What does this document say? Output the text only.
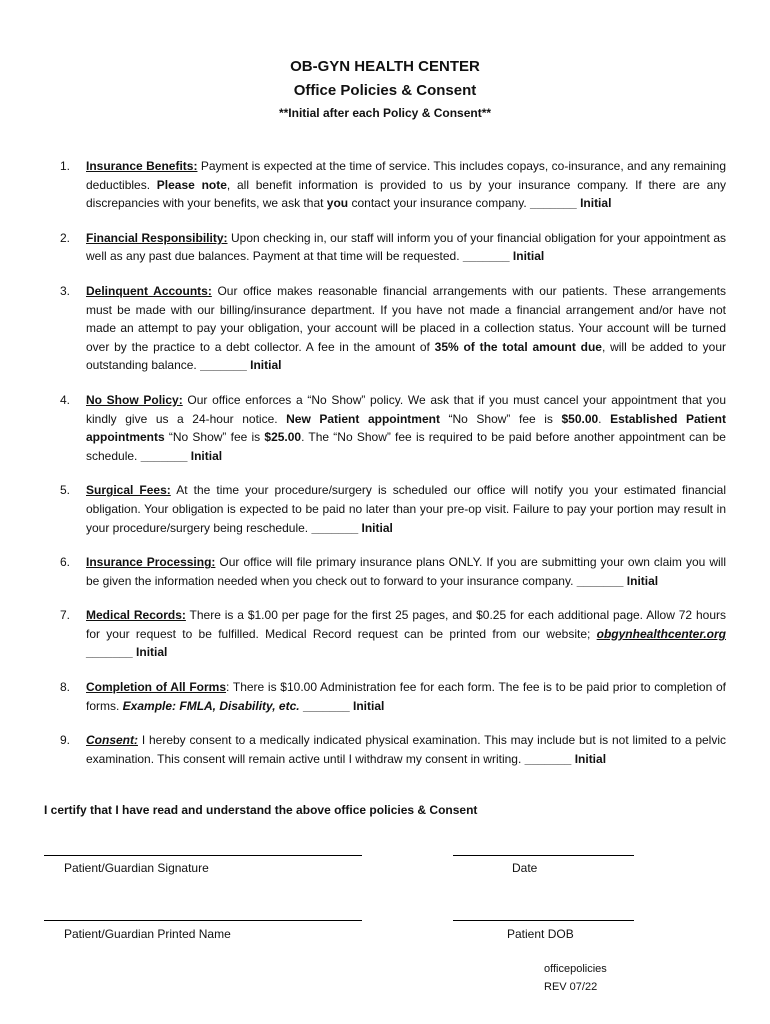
OB-GYN HEALTH CENTER
Office Policies & Consent
**Initial after each Policy & Consent**
1. Insurance Benefits: Payment is expected at the time of service. This includes copays, co-insurance, and any remaining deductibles. Please note, all benefit information is provided to us by your insurance company. If there are any discrepancies with your benefits, we ask that you contact your insurance company. _______ Initial
2. Financial Responsibility: Upon checking in, our staff will inform you of your financial obligation for your appointment as well as any past due balances. Payment at that time will be requested. _______ Initial
3. Delinquent Accounts: Our office makes reasonable financial arrangements with our patients. These arrangements must be made with our billing/insurance department. If you have not made a financial arrangement and/or have not made an attempt to pay your obligation, your account will be placed in a collection status. Your account will be turned over by the practice to a debt collector. A fee in the amount of 35% of the total amount due, will be added to your outstanding balance. _______ Initial
4. No Show Policy: Our office enforces a “No Show” policy. We ask that if you must cancel your appointment that you kindly give us a 24-hour notice. New Patient appointment “No Show” fee is $50.00. Established Patient appointments “No Show” fee is $25.00. The “No Show” fee is required to be paid before another appointment can be schedule. _______ Initial
5. Surgical Fees: At the time your procedure/surgery is scheduled our office will notify you your estimated financial obligation. Your obligation is expected to be paid no later than your pre-op visit. Failure to pay your portion may result in your procedure/surgery being reschedule. _______ Initial
6. Insurance Processing: Our office will file primary insurance plans ONLY. If you are submitting your own claim you will be given the information needed when you check out to forward to your insurance company. _______ Initial
7. Medical Records: There is a $1.00 per page for the first 25 pages, and $0.25 for each additional page. Allow 72 hours for your request to be fulfilled. Medical Record request can be printed from our website; obgynhealthcenter.org _______ Initial
8. Completion of All Forms: There is $10.00 Administration fee for each form. The fee is to be paid prior to completion of forms. Example: FMLA, Disability, etc. _______ Initial
9. Consent: I hereby consent to a medically indicated physical examination. This may include but is not limited to a pelvic examination. This consent will remain active until I withdraw my consent in writing. _______ Initial
I certify that I have read and understand the above office policies & Consent
Patient/Guardian Signature	Date
Patient/Guardian Printed Name	Patient DOB
officepolicies
REV 07/22
